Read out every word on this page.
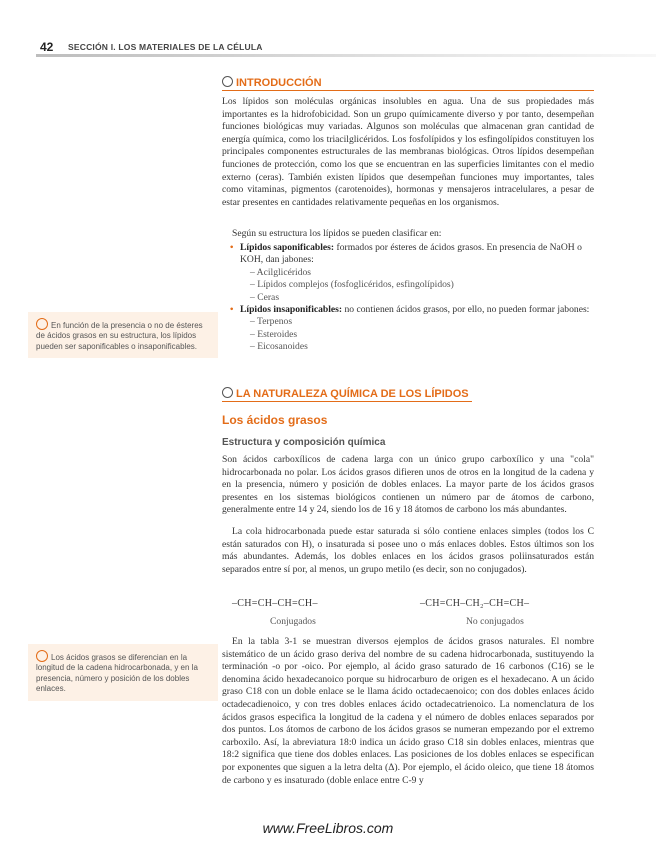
42 SECCIÓN I. LOS MATERIALES DE LA CÉLULA
INTRODUCCIÓN

Los lípidos son moléculas orgánicas insolubles en agua. Una de sus propiedades más importantes es la hidrofobicidad. Son un grupo químicamente diverso y por tanto, desempeñan funciones biológicas muy variadas. Algunos son moléculas que almacenan gran cantidad de energía química, como los triacilglicéridos. Los fosfolípidos y los esfingolípidos constituyen los principales componentes estructurales de las membranas biológicas. Otros lípidos desempeñan funciones de protección, como los que se encuentran en las superficies limitantes con el medio externo (ceras). También existen lípidos que desempeñan funciones muy importantes, tales como vitaminas, pigmentos (carotenoides), hormonas y mensajeros intracelulares, a pesar de estar presentes en cantidades relativamente pequeñas en los organismos.

Según su estructura los lípidos se pueden clasificar en:

• Lípidos saponificables: formados por ésteres de ácidos grasos. En presencia de NaOH o KOH, dan jabones:
– Acilglicéridos
– Lípidos complejos (fosfoglicéridos, esfingolípidos)
– Ceras
• Lípidos insaponificables: no contienen ácidos grasos, por ello, no pueden formar jabones:
– Terpenos
– Esteroides
– Eicosanoides
En función de la presencia o no de ésteres de ácidos grasos en su estructura, los lípidos pueden ser saponificables o insaponificables.
LA NATURALEZA QUÍMICA DE LOS LÍPIDOS
Los ácidos grasos
Estructura y composición química

Son ácidos carboxílicos de cadena larga con un único grupo carboxílico y una "cola" hidrocarbonada no polar. Los ácidos grasos difieren unos de otros en la longitud de la cadena y en la presencia, número y posición de dobles enlaces. La mayor parte de los ácidos grasos presentes en los sistemas biológicos contienen un número par de átomos de carbono, generalmente entre 14 y 24, siendo los de 16 y 18 átomos de carbono los más abundantes.

La cola hidrocarbonada puede estar saturada si sólo contiene enlaces simples (todos los C están saturados con H), o insaturada si posee uno o más enlaces dobles. Estos últimos son los más abundantes. Además, los dobles enlaces en los ácidos grasos poliinsaturados están separados entre sí por, al menos, un grupo metilo (es decir, son no conjugados).

–CH=CH–CH=CH–	–CH=CH–CH₂–CH=CH–
Conjugados	No conjugados

En la tabla 3-1 se muestran diversos ejemplos de ácidos grasos naturales. El nombre sistemático de un ácido graso deriva del nombre de su cadena hidrocarbonada, sustituyendo la terminación -o por -oico. Por ejemplo, al ácido graso saturado de 16 carbonos (C16) se le denomina ácido hexadecanoico porque su hidrocarburo de origen es el hexadecano. A un ácido graso C18 con un doble enlace se le llama ácido octadecaenoico; con dos dobles enlaces ácido octadecadienoico, y con tres dobles enlaces ácido octadecatrienoico. La nomenclatura de los ácidos grasos especifica la longitud de la cadena y el número de dobles enlaces separados por dos puntos. Los átomos de carbono de los ácidos grasos se numeran empezando por el extremo carboxilo. Así, la abreviatura 18:0 indica un ácido graso C18 sin dobles enlaces, mientras que 18:2 significa que tiene dos dobles enlaces. Las posiciones de los dobles enlaces se especifican por exponentes que siguen a la letra delta (Δ). Por ejemplo, el ácido oleico, que tiene 18 átomos de carbono y es insaturado (doble enlace entre C-9 y

Los ácidos grasos se diferencian en la longitud de la cadena hidrocarbonada, y en la presencia, número y posición de los dobles enlaces.
www.FreeLibros.com
